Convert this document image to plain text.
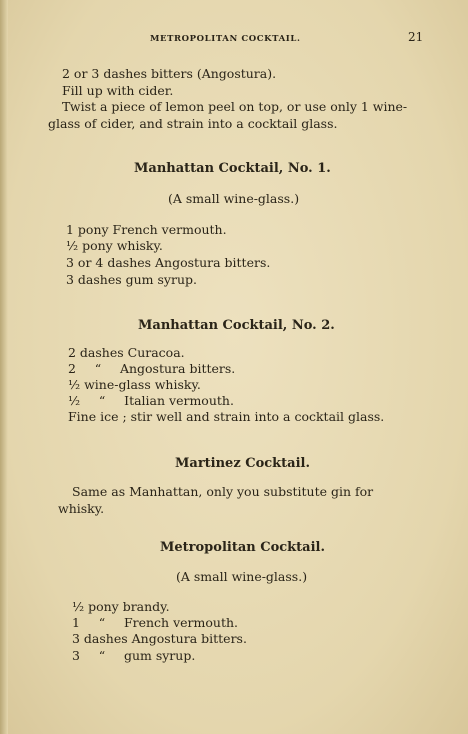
METROPOLITAN COCKTAIL.	21
2 or 3 dashes bitters (Angostura).
Fill up with cider.
Twist a piece of lemon peel on top, or use only 1 wine-
glass of cider, and strain into a cocktail glass.
Manhattan Cocktail, No. 1.
(A small wine-glass.)
1 pony French vermouth.
½ pony whisky.
3 or 4 dashes Angostura bitters.
3 dashes gum syrup.
Manhattan Cocktail, No. 2.
2 dashes Curacoa.
2 “ Angostura bitters.
½ wine-glass whisky.
½ “ Italian vermouth.
Fine ice ; stir well and strain into a cocktail glass.
Martinez Cocktail.
Same as Manhattan, only you substitute gin for
whisky.
Metropolitan Cocktail.
(A small wine-glass.)
½ pony brandy.
1 “ French vermouth.
3 dashes Angostura bitters.
3 “ gum syrup.
